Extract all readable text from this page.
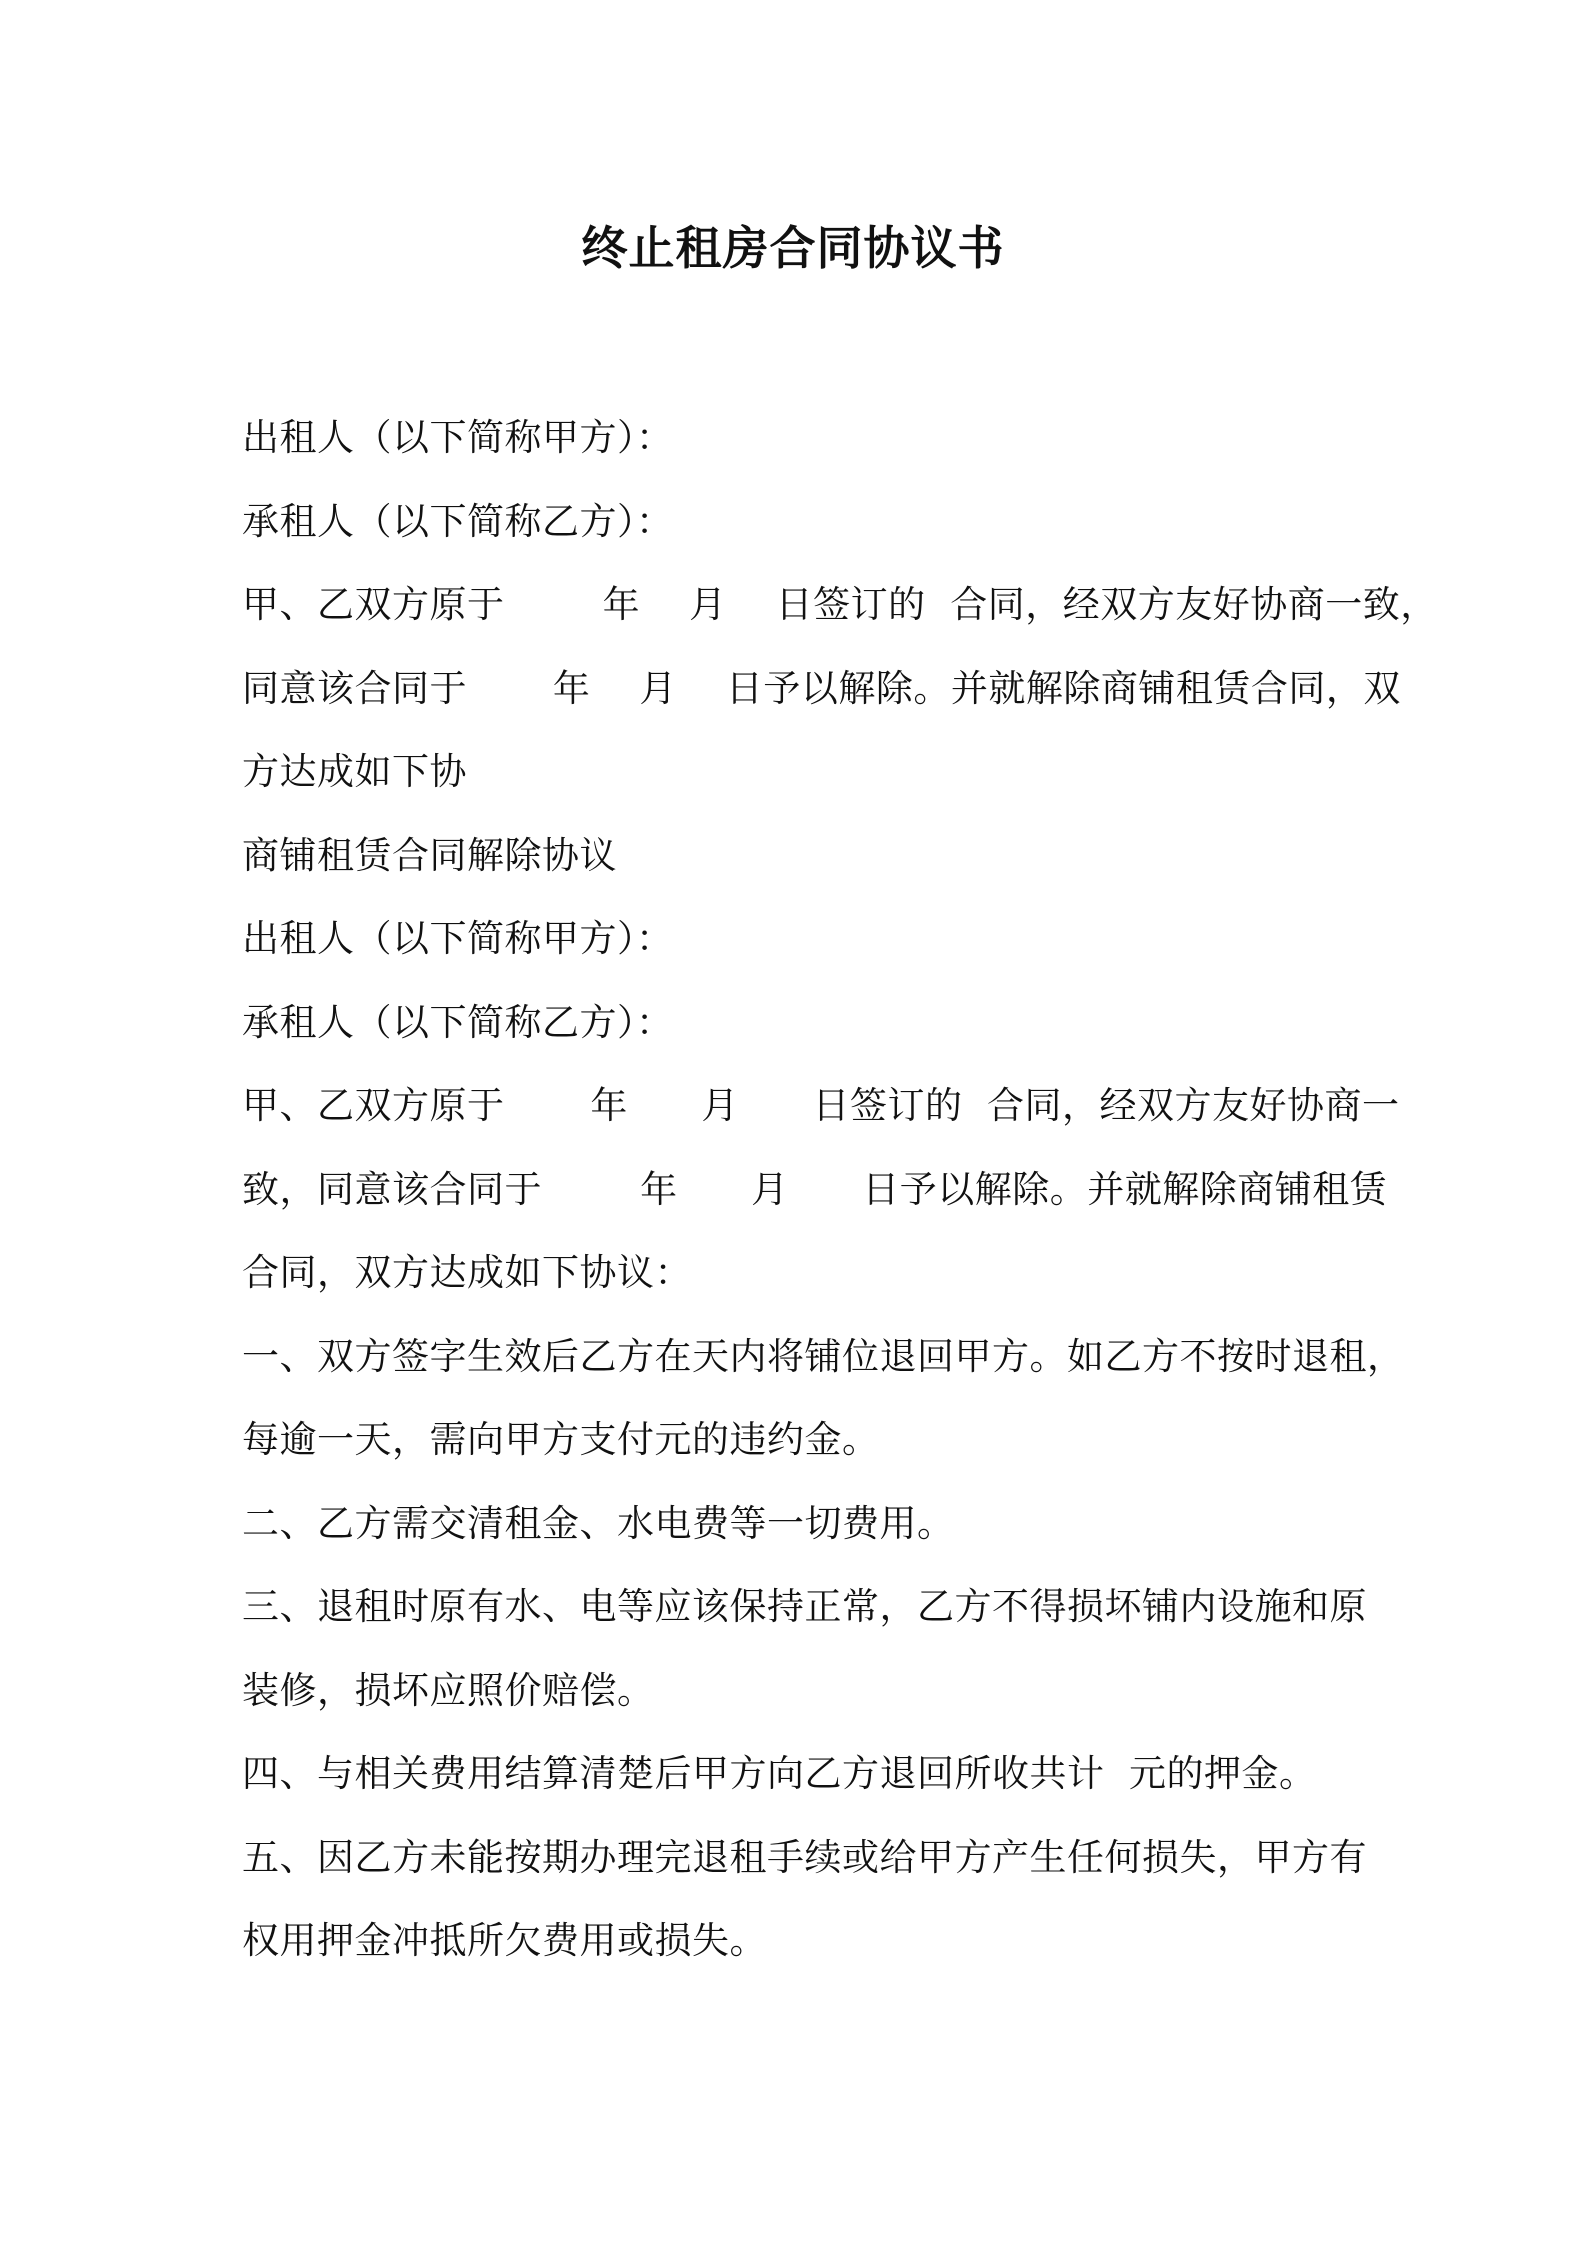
终止租房合同协议书
出租人（以下简称甲方）：
承租人（以下简称乙方）：
甲、乙双方原于        年    月    日签订的  合同，经双方友好协商一致，
同意该合同于       年    月    日予以解除。并就解除商铺租赁合同，双
方达成如下协
商铺租赁合同解除协议
出租人（以下简称甲方）：
承租人（以下简称乙方）：
甲、乙双方原于       年      月      日签订的  合同，经双方友好协商一
致，同意该合同于        年      月      日予以解除。并就解除商铺租赁
合同，双方达成如下协议：
一、双方签字生效后乙方在天内将铺位退回甲方。如乙方不按时退租，
每逾一天，需向甲方支付元的违约金。
二、乙方需交清租金、水电费等一切费用。
三、退租时原有水、电等应该保持正常，乙方不得损坏铺内设施和原
装修，损坏应照价赔偿。
四、与相关费用结算清楚后甲方向乙方退回所收共计  元的押金。
五、因乙方未能按期办理完退租手续或给甲方产生任何损失，甲方有
权用押金冲抵所欠费用或损失。
